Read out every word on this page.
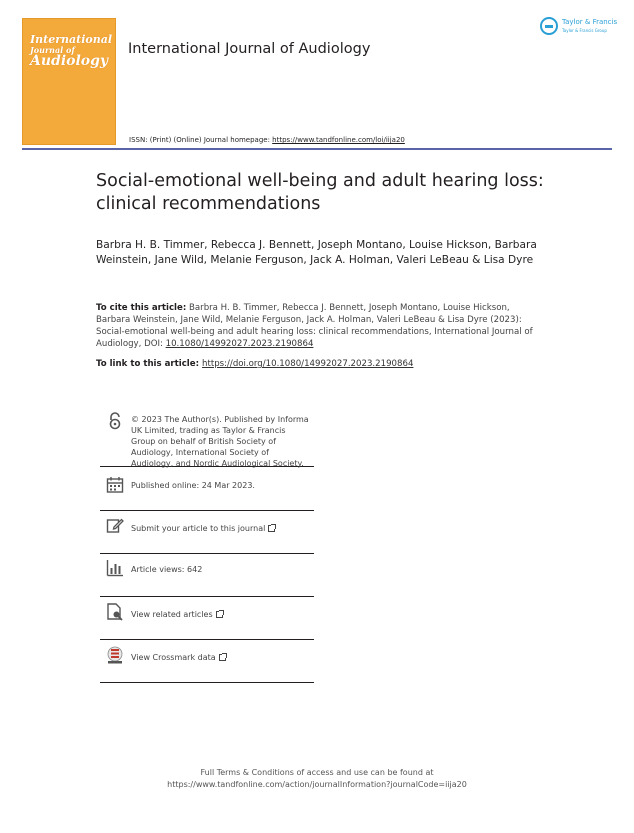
International
Journal of
Audiology
International Journal of Audiology
Taylor & Francis
Taylor & Francis Group
ISSN: (Print) (Online) Journal homepage: https://www.tandfonline.com/loi/iija20
Social-emotional well-being and adult hearing loss: clinical recommendations
Barbra H. B. Timmer, Rebecca J. Bennett, Joseph Montano, Louise Hickson, Barbara Weinstein, Jane Wild, Melanie Ferguson, Jack A. Holman, Valeri LeBeau & Lisa Dyre
To cite this article: Barbra H. B. Timmer, Rebecca J. Bennett, Joseph Montano, Louise Hickson, Barbara Weinstein, Jane Wild, Melanie Ferguson, Jack A. Holman, Valeri LeBeau & Lisa Dyre (2023): Social-emotional well-being and adult hearing loss: clinical recommendations, International Journal of Audiology, DOI: 10.1080/14992027.2023.2190864
To link to this article: https://doi.org/10.1080/14992027.2023.2190864
© 2023 The Author(s). Published by Informa UK Limited, trading as Taylor & Francis Group on behalf of British Society of Audiology, International Society of Audiology, and Nordic Audiological Society.
Published online: 24 Mar 2023.
Submit your article to this journal
Article views: 642
View related articles
View Crossmark data
Full Terms & Conditions of access and use can be found at
https://www.tandfonline.com/action/journalInformation?journalCode=iija20
